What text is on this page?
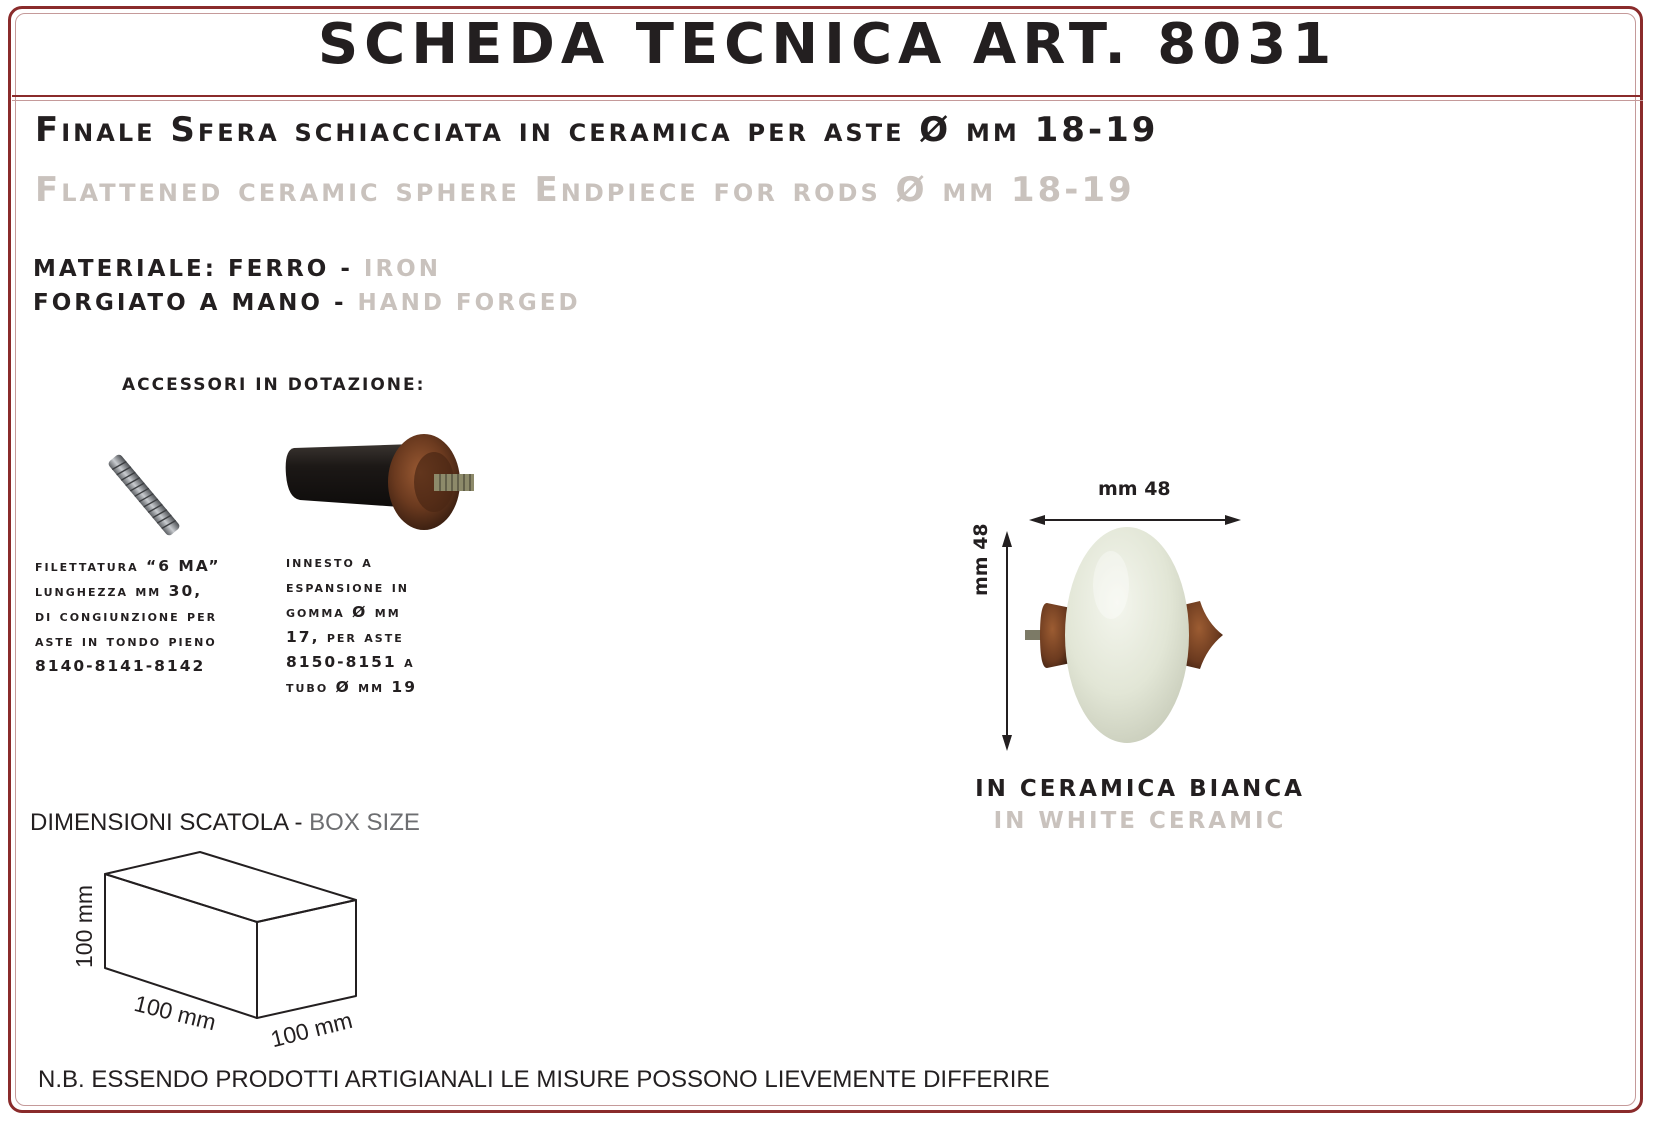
SCHEDA TECNICA ART. 8031
Finale Sfera schiacciata in ceramica per aste Ø mm 18-19
Flattened ceramic sphere Endpiece for rods Ø mm 18-19
MATERIALE: FERRO - IRON
FORGIATO A MANO - HAND FORGED
ACCESSORI IN DOTAZIONE:
filettatura “6 MA”
lunghezza mm 30,
di congiunzione per
aste in tondo pieno
8140-8141-8142
innesto a
espansione in
gomma Ø mm
17, per aste
8150-8151 a
tubo Ø mm 19
mm 48
mm 48
IN CERAMICA BIANCA
IN WHITE CERAMIC
DIMENSIONI SCATOLA - BOX SIZE
100 mm
100 mm 100 mm
N.B. ESSENDO PRODOTTI ARTIGIANALI LE MISURE POSSONO LIEVEMENTE DIFFERIRE
